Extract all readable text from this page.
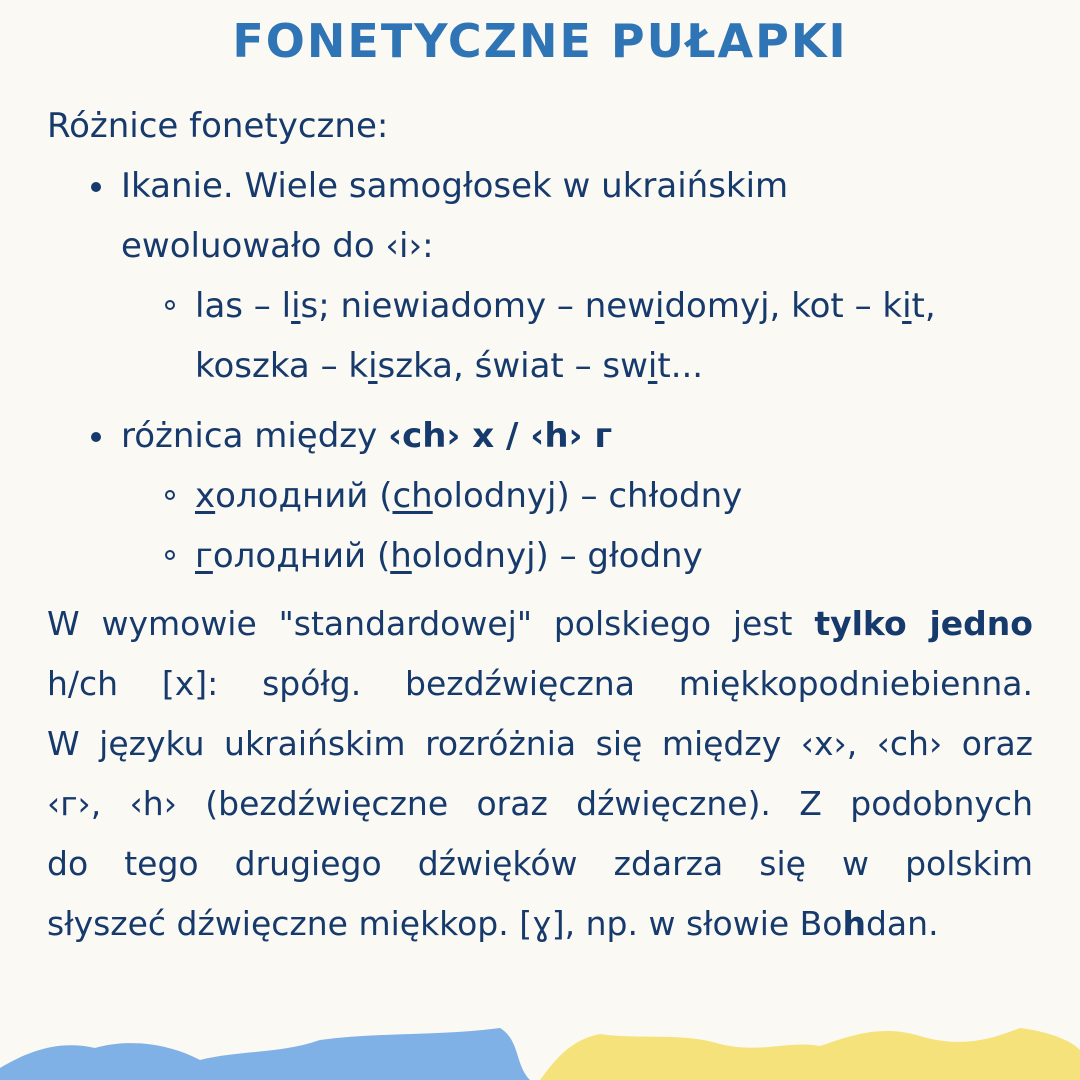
FONETYCZNE PUŁAPKI
Różnice fonetyczne:
Ikanie. Wiele samogłosek w ukraińskim
ewoluowało do ‹i›:
las – lis; niewiadomy – newidomyj, kot – kit,
koszka – kiszka, świat – swit...
różnica między ‹ch› x / ‹h› г
холодний (cholodnyj) – chłodny
голодний (holodnyj) – głodny
W wymowie "standardowej" polskiego jest tylko jedno
h/ch [x]: spółg. bezdźwięczna miękkopodniebienna.
W języku ukraińskim rozróżnia się między ‹x›, ‹ch› oraz
‹г›, ‹h› (bezdźwięczne oraz dźwięczne). Z podobnych
do tego drugiego dźwięków zdarza się w polskim
słyszeć dźwięczne miękkop. [ɣ], np. w słowie Bohdan.
